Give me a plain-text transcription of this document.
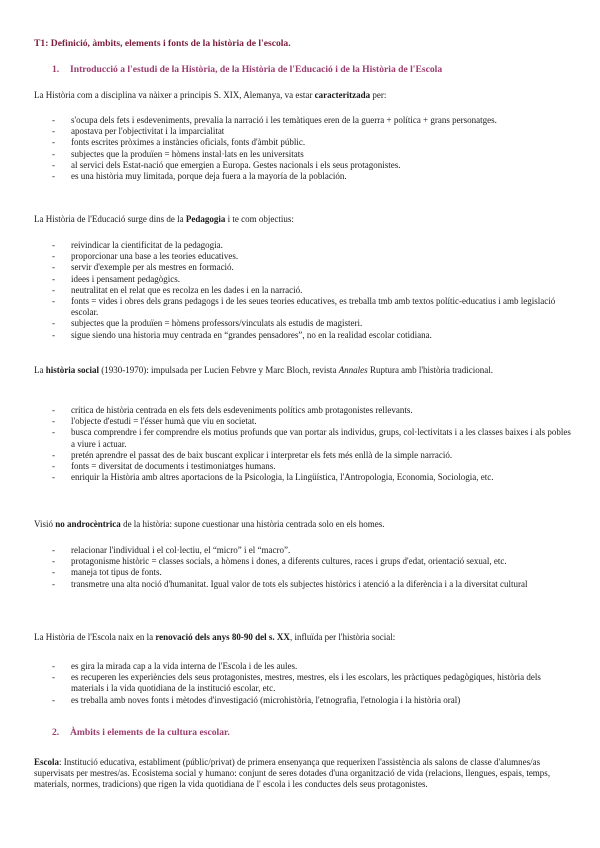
T1: Definició, àmbits, elements i fonts de la història de l'escola.
1. Introducció a l'estudi de la Història, de la Història de l'Educació i de la Història de l'Escola
La Història com a disciplina va nàixer a principis S. XIX, Alemanya, va estar caracteritzada per:
- s'ocupa dels fets i esdeveniments, prevalia la narració i les temàtiques eren de la guerra + política + grans personatges.
- apostava per l'objectivitat i la imparcialitat
- fonts escrites pròximes a instàncies oficials, fonts d'àmbit públic.
- subjectes que la produïen = hòmens instal·lats en les universitats
- al servici dels Estat-nació que emergien a Europa. Gestes nacionals i els seus protagonistes.
- es una història muy limitada, porque deja fuera a la mayoría de la población.
La Història de l'Educació surge dins de la Pedagogia i te com objectius:
- reivindicar la cientificitat de la pedagogia.
- proporcionar una base a les teories educatives.
- servir d'exemple per als mestres en formació.
- idees i pensament pedagògics.
- neutralitat en el relat que es recolza en les dades i en la narració.
- fonts = vides i obres dels grans pedagogs i de les seues teories educatives, es treballa tmb amb textos polític-educatius i amb legislació escolar.
- subjectes que la produïen = hòmens professors/vinculats als estudis de magisteri.
- sigue siendo una historia muy centrada en “grandes pensadores”, no en la realidad escolar cotidiana.
La història social (1930-1970): impulsada per Lucien Febvre y Marc Bloch, revista Annales Ruptura amb l'història tradicional.
- crítica de història centrada en els fets dels esdeveniments polítics amb protagonistes rellevants.
- l'objecte d'estudi = l'ésser humà que viu en societat.
- busca comprendre i fer comprendre els motius profunds que van portar als individus, grups, col·lectivitats i a les classes baixes i als pobles a viure i actuar.
- pretén aprendre el passat des de baix buscant explicar i interpretar els fets més enllà de la simple narració.
- fonts = diversitat de documents i testimoniatges humans.
- enriquir la Història amb altres aportacions de la Psicologia, la Lingüística, l'Antropologia, Economia, Sociologia, etc.
Visió no androcèntrica de la història: supone cuestionar una història centrada solo en els homes.
- relacionar l'individual i el col·lectiu, el “micro” i el “macro”.
- protagonisme històric = classes socials, a hòmens i dones, a diferents cultures, races i grups d'edat, orientació sexual, etc.
- maneja tot tipus de fonts.
- transmetre una alta noció d'humanitat. Igual valor de tots els subjectes històrics i atenció a la diferència i a la diversitat cultural
La Història de l'Escola naix en la renovació dels anys 80-90 del s. XX, influïda per l'història social:
- es gira la mirada cap a la vida interna de l'Escola i de les aules.
- es recuperen les experiències dels seus protagonistes, mestres, mestres, els i les escolars, les pràctiques pedagògiques, història dels materials i la vida quotidiana de la institució escolar, etc.
- es treballa amb noves fonts i mètodes d'investigació (microhistòria, l'etnografia, l'etnologia i la història oral)
2. Àmbits i elements de la cultura escolar.
Escola: Institució educativa, establiment (públic/privat) de primera ensenyança que requerixen l'assistència als salons de classe d'alumnes/as supervisats per mestres/as. Ecosistema social y humano: conjunt de seres dotades d'una organització de vida (relacions, llengues, espais, temps, materials, normes, tradicions) que rigen la vida quotidiana de l' escola i les conductes dels seus protagonistes.
